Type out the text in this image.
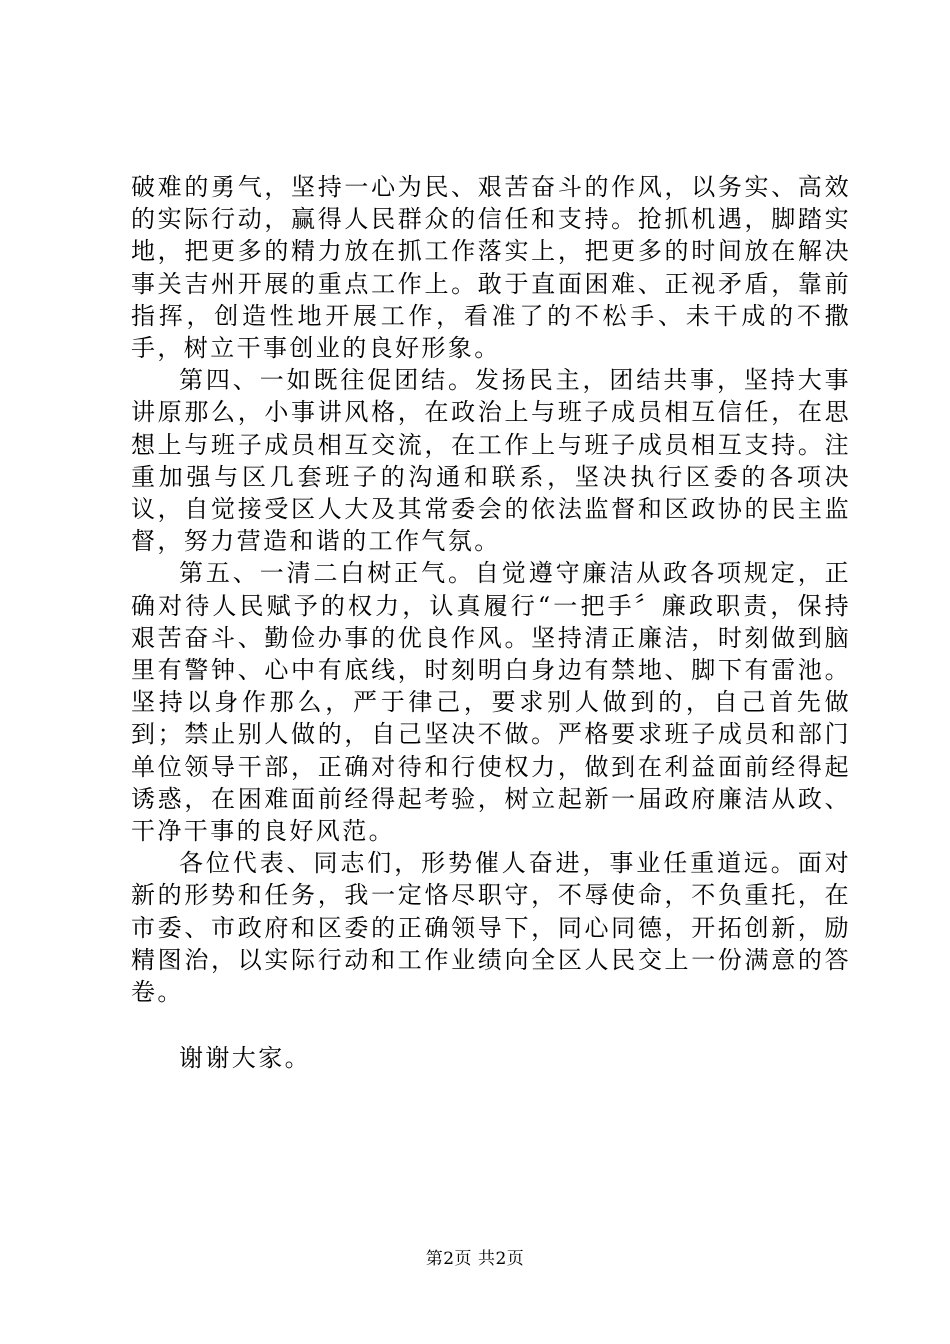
破难的勇气，坚持一心为民、艰苦奋斗的作风，以务实、高效的实际行动，赢得人民群众的信任和支持。抢抓机遇，脚踏实地，把更多的精力放在抓工作落实上，把更多的时间放在解决事关吉州开展的重点工作上。敢于直面困难、正视矛盾，靠前指挥，创造性地开展工作，看准了的不松手、未干成的不撒手，树立干事创业的良好形象。

第四、一如既往促团结。发扬民主，团结共事，坚持大事讲原那么，小事讲风格，在政治上与班子成员相互信任，在思想上与班子成员相互交流，在工作上与班子成员相互支持。注重加强与区几套班子的沟通和联系，坚决执行区委的各项决议，自觉接受区人大及其常委会的依法监督和区政协的民主监督，努力营造和谐的工作气氛。

第五、一清二白树正气。自觉遵守廉洁从政各项规定，正确对待人民赋予的权力，认真履行“一把手〞廉政职责，保持艰苦奋斗、勤俭办事的优良作风。坚持清正廉洁，时刻做到脑里有警钟、心中有底线，时刻明白身边有禁地、脚下有雷池。坚持以身作那么，严于律己，要求别人做到的，自己首先做到；禁止别人做的，自己坚决不做。严格要求班子成员和部门单位领导干部，正确对待和行使权力，做到在利益面前经得起诱惑，在困难面前经得起考验，树立起新一届政府廉洁从政、干净干事的良好风范。

各位代表、同志们，形势催人奋进，事业任重道远。面对新的形势和任务，我一定恪尽职守，不辱使命，不负重托，在市委、市政府和区委的正确领导下，同心同德，开拓创新，励精图治，以实际行动和工作业绩向全区人民交上一份满意的答卷。

谢谢大家。

第2页 共2页
